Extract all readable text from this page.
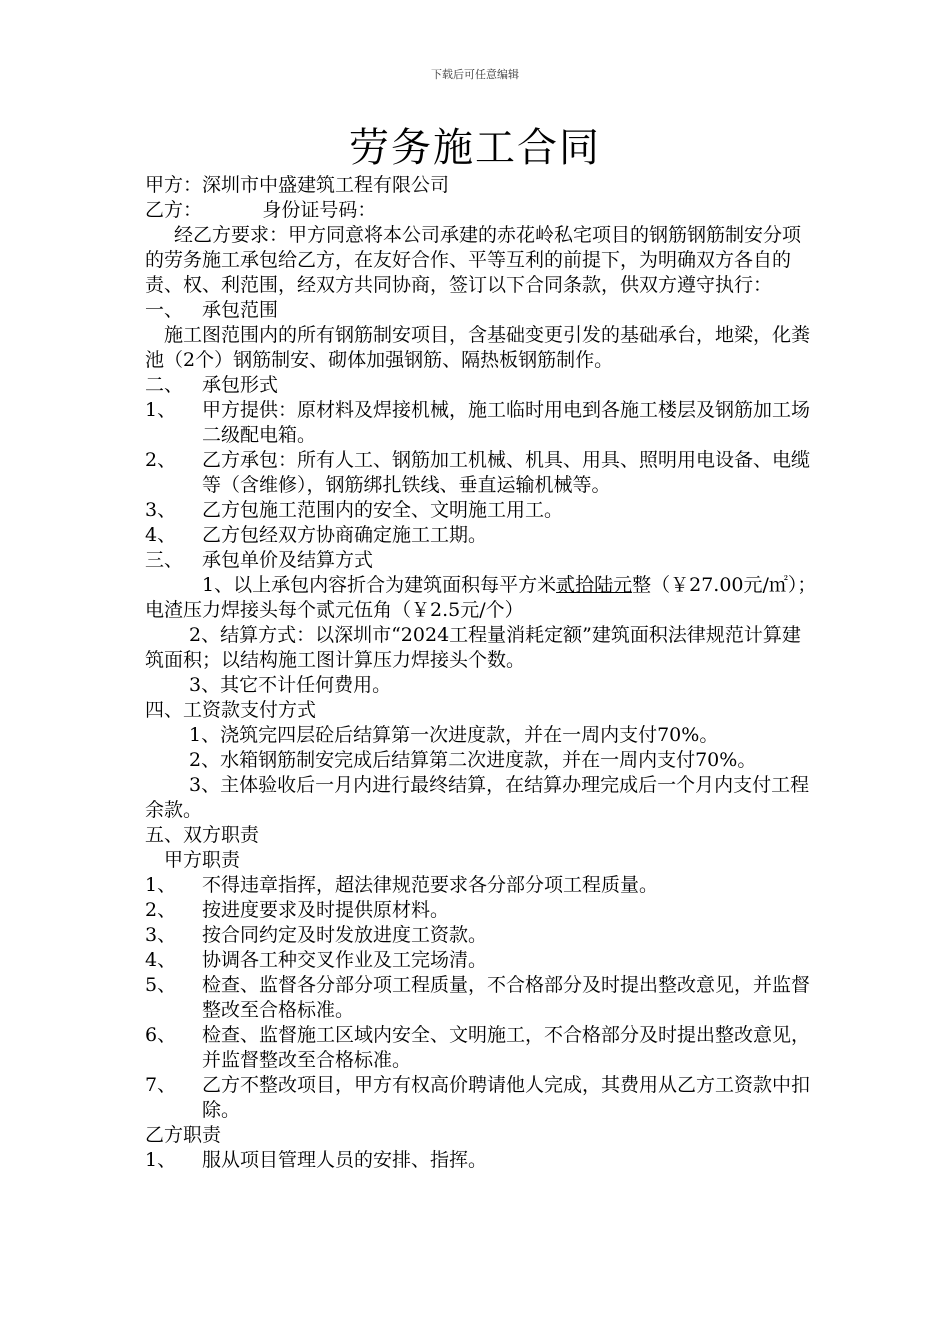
下载后可任意编辑
劳务施工合同

甲方：深圳市中盛建筑工程有限公司

乙方：          身份证号码：

经乙方要求：甲方同意将本公司承建的赤花岭私宅项目的钢筋钢筋制安分项的劳务施工承包给乙方，在友好合作、平等互利的前提下，为明确双方各自的责、权、利范围，经双方共同协商，签订以下合同条款，供双方遵守执行：

一、 承包范围

施工图范围内的所有钢筋制安项目，含基础变更引发的基础承台，地梁，化粪池（2个）钢筋制安、砌体加强钢筋、隔热板钢筋制作。

二、 承包形式
1、	甲方提供：原材料及焊接机械，施工临时用电到各施工楼层及钢筋加工场二级配电箱。
2、	乙方承包：所有人工、钢筋加工机械、机具、用具、照明用电设备、电缆等（含维修），钢筋绑扎铁线、垂直运输机械等。
3、	乙方包施工范围内的安全、文明施工用工。
4、	乙方包经双方协商确定施工工期。
三、 承包单价及结算方式

1、以上承包内容折合为建筑面积每平方米贰拾陆元整（￥27.00元/㎡）；电渣压力焊接头每个贰元伍角（￥2.5元/个）

2、结算方式：以深圳市“2024工程量消耗定额”建筑面积法律规范计算建筑面积；以结构施工图计算压力焊接头个数。

3、其它不计任何费用。

四、工资款支付方式

1、浇筑完四层砼后结算第一次进度款，并在一周内支付70%。

2、水箱钢筋制安完成后结算第二次进度款，并在一周内支付70%。

3、主体验收后一月内进行最终结算，在结算办理完成后一个月内支付工程余款。

五、双方职责

甲方职责

1、	不得违章指挥，超法律规范要求各分部分项工程质量。
2、	按进度要求及时提供原材料。
3、	按合同约定及时发放进度工资款。
4、	协调各工种交叉作业及工完场清。
5、	检查、监督各分部分项工程质量，不合格部分及时提出整改意见，并监督整改至合格标准。
6、	检查、监督施工区域内安全、文明施工，不合格部分及时提出整改意见，并监督整改至合格标准。
7、	乙方不整改项目，甲方有权高价聘请他人完成，其费用从乙方工资款中扣除。

乙方职责

1、	服从项目管理人员的安排、指挥。
